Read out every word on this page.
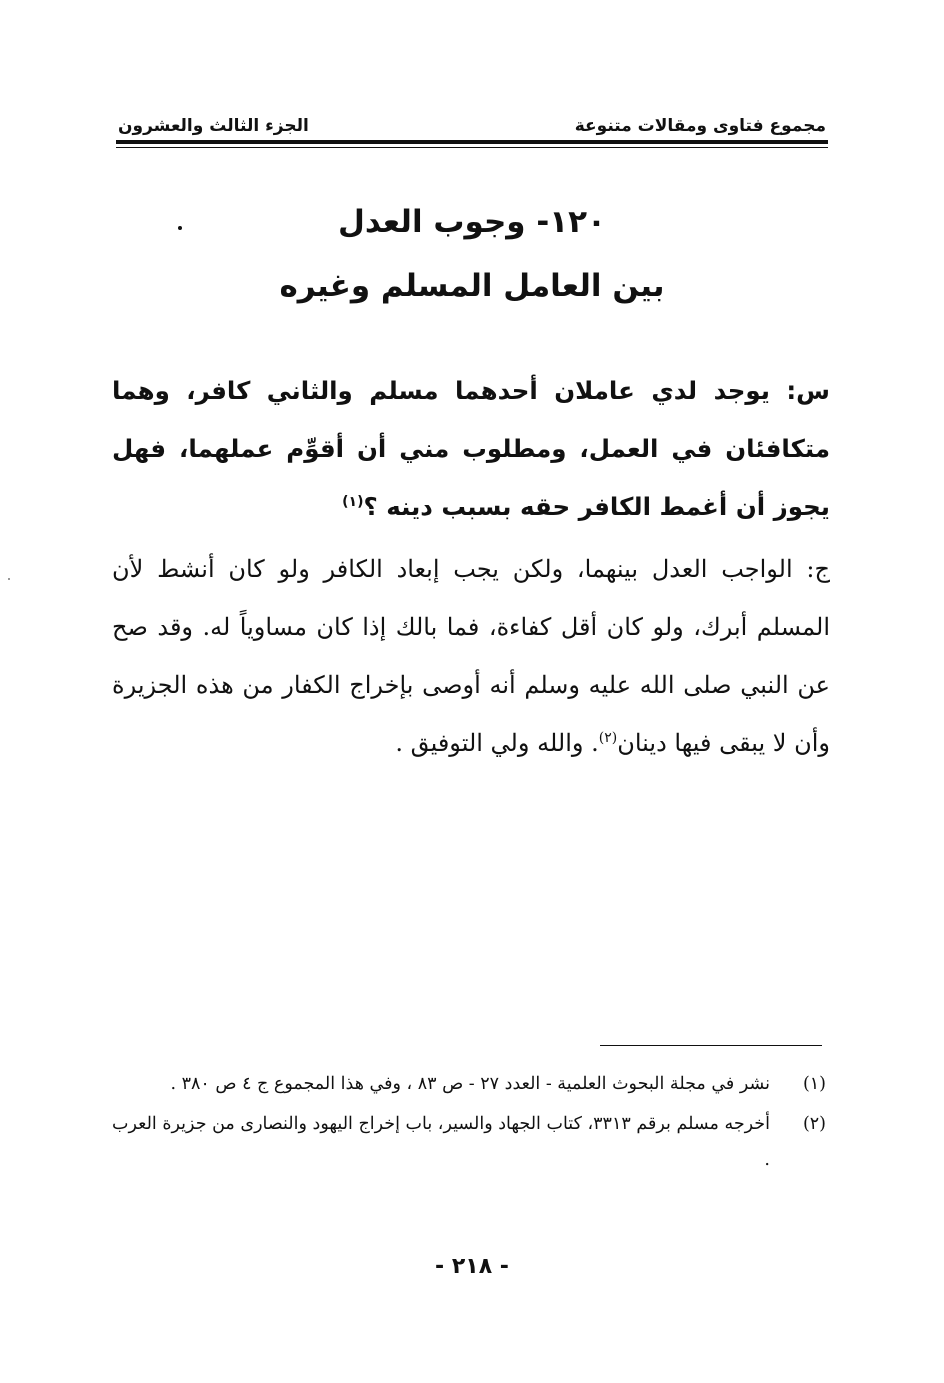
مجموع فتاوى ومقالات متنوعة
الجزء الثالث والعشرون
١٢٠- وجوب العدل
بين العامل المسلم وغيره
س: يوجد لدي عاملان أحدهما مسلم والثاني كافر، وهما متكافئان في العمل، ومطلوب مني أن أقوِّم عملهما، فهل يجوز أن أغمط الكافر حقه بسبب دينه ؟$^{(١)}$
ج: الواجب العدل بينهما، ولكن يجب إبعاد الكافر ولو كان أنشط لأن المسلم أبرك، ولو كان أقل كفاءة، فما بالك إذا كان مساوياً له. وقد صح عن النبي صلى الله عليه وسلم أنه أوصى بإخراج الكفار من هذه الجزيرة وأن لا يبقى فيها دينان$^{(٢)}$. والله ولي التوفيق .
(١)
نشر في مجلة البحوث العلمية - العدد ٢٧ - ص ٨٣ ، وفي هذا المجموع ج ٤ ص ٣٨٠ .
(٢)
أخرجه مسلم برقم ٣٣١٣، كتاب الجهاد والسير، باب إخراج اليهود والنصارى من جزيرة العرب .
- ٢١٨ -
